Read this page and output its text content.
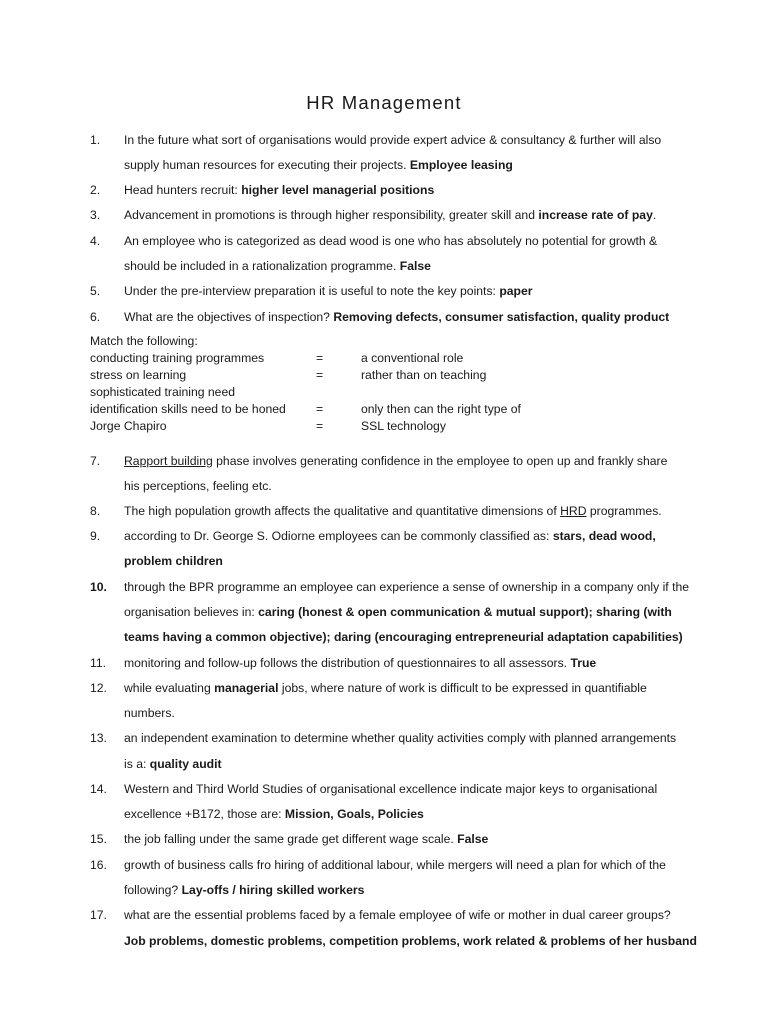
HR Management
1. In the future what sort of organisations would provide expert advice & consultancy & further will also
supply human resources for executing their projects. Employee leasing
2. Head hunters recruit: higher level managerial positions
3. Advancement in promotions is through higher responsibility, greater skill and increase rate of pay.
4. An employee who is categorized as dead wood is one who has absolutely no potential for growth &
should be included in a rationalization programme. False
5. Under the pre-interview preparation it is useful to note the key points: paper
6. What are the objectives of inspection? Removing defects, consumer satisfaction, quality product
Match the following:
conducting training programmes	=	a conventional role
stress on learning	=	rather than on teaching
sophisticated training need
identification skills need to be honed =	only then can the right type of
Jorge Chapiro	=	SSL technology
7. Rapport building phase involves generating confidence in the employee to open up and frankly share
his perceptions, feeling etc.
8. The high population growth affects the qualitative and quantitative dimensions of HRD programmes.
9. according to Dr. George S. Odiorne employees can be commonly classified as: stars, dead wood,
problem children
10. through the BPR programme an employee can experience a sense of ownership in a company only if the
organisation believes in: caring (honest & open communication & mutual support); sharing (with
teams having a common objective); daring (encouraging entrepreneurial adaptation capabilities)
11. monitoring and follow-up follows the distribution of questionnaires to all assessors. True
12. while evaluating managerial jobs, where nature of work is difficult to be expressed in quantifiable
numbers.
13. an independent examination to determine whether quality activities comply with planned arrangements
is a: quality audit
14. Western and Third World Studies of organisational excellence indicate major keys to organisational
excellence +B172, those are: Mission, Goals, Policies
15. the job falling under the same grade get different wage scale. False
16. growth of business calls fro hiring of additional labour, while mergers will need a plan for which of the
following? Lay-offs / hiring skilled workers
17. what are the essential problems faced by a female employee of wife or mother in dual career groups?
Job problems, domestic problems, competition problems, work related & problems of her husband
